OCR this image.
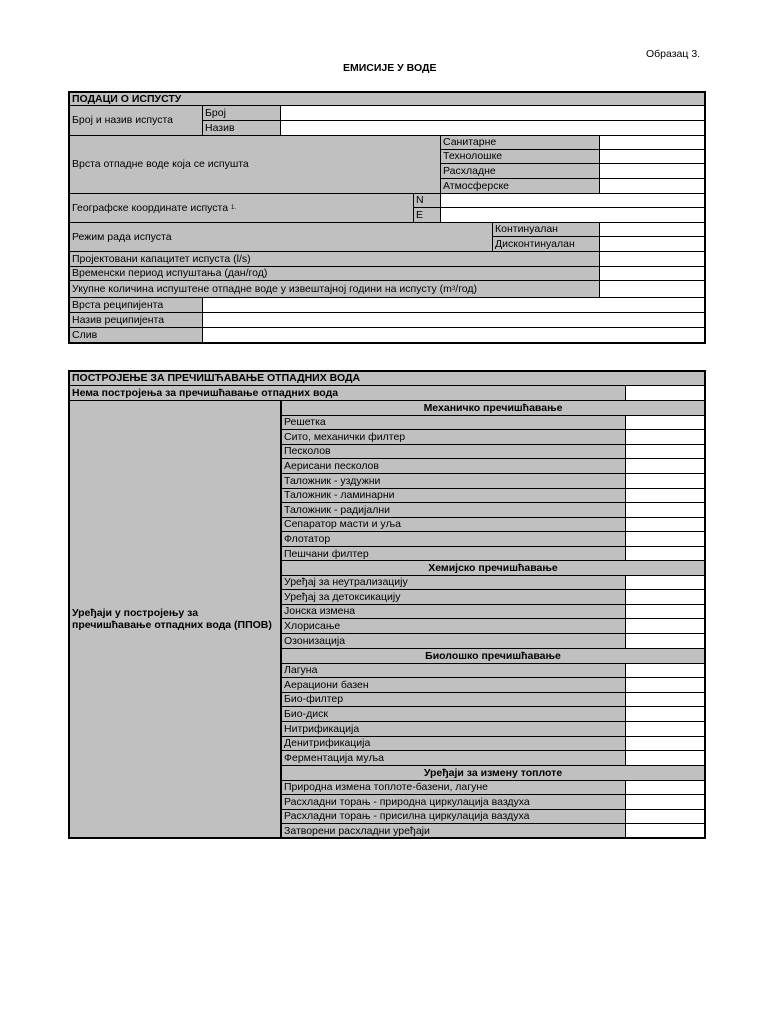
Образац 3.
ЕМИСИЈЕ У ВОДЕ
ПОДАЦИ О ИСПУСТУ
Број и назив испуста
Број
Назив
Врста отпадне воде која се испушта
Санитарне
Технолошке
Расхладне
Атмосферске
Географске координате испуста
1.
N
E
Режим рада испуста
Континуалан
Дисконтинуалан
Пројектовани капацитет испуста (l/s)
Временски период испуштања (дан/год)
Укупне количина испуштене отпадне воде у извештајној години на испусту (m 3 /год)
Врста реципијента
Назив реципијента
Слив
ПОСТРОЈЕЊЕ ЗА ПРЕЧИШЋАВАЊЕ ОТПАДНИХ ВОДА
Нема постројења за пречишћавање отпадних вода
Уређаји у постројењу за пречишћавање отпадних вода (ППОВ)
Механичко пречишћавање
Решетка
Сито, механички филтер
Песколов
Аерисани песколов
Таложник - уздужни
Таложник - ламинарни
Таложник - радијални
Сепаратор масти и уља
Флотатор
Пешчани филтер
Хемијско пречишћавање
Уређај за неутрализацију
Уређај за детоксикацију
Јонска измена
Хлорисање
Озонизација
Биолошко пречишћавање
Лагуна
Аерациони базен
Био-филтер
Био-диск
Нитрификација
Денитрификација
Ферментација муља
Уређаји за измену топлоте
Природна измена топлоте-базени, лагуне
Расхладни торањ - природна циркулација ваздуха
Расхладни торањ - присилна циркулација ваздуха
Затворени расхладни уређаји
